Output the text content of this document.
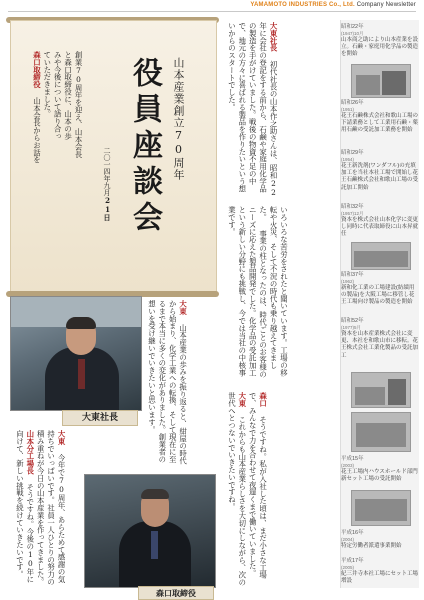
YAMAMOTO INDUSTRIES Co., Ltd. Company Newsletter
山本産業創立70周年
役員座談会
二〇一四年九月21日
創業70周年を迎え、山本会長
と森口取締役に、山本の歩
みや今後について語り合っ
ていただきました。
森口取締役 山本会長からお話を
大東 山本産業の歩みを振り返ると、紺屋の時代から始まり、化学工業への転換、そして現在に至るまで本当に多くの変化がありました。創業者の想いを受け継いでいきたいと思います。
大東社長
大東 今年で70周年、あらためて感謝の気持ちでいっぱいです。社員一人ひとりの努力の積み重ねが今日の山本産業を作ってきました。 山本分工場長 そうですね。今後の10年に向けて、新しい挑戦を続けていきたいです。
森口取締役
大東社長 初代社長の山本作之助さんは、昭和22年に会社の登記をする前から、石鹸や家庭用化学品の製造を手がけていました。戦後の物資不足の中で、地元の方々に喜ばれる製品を作りたいという想いからのスタートでした。
いろいろな苦労をされたと聞いています。工場の移転や火災、そして不況の時代も乗り越えてきました。 事業の柱となったのは、時代ごとのお客様のニーズに応えた製品開発でした。化学品の受託加工という新しい分野にも挑戦し、今では当社の中核事業です。
森口 そうですね。私が入社した頃は、まだ小さな工場で、みんなで力を合わせて夜遅くまで働いていました。 大東 これからも山本産業らしさを大切にしながら、次の世代へとつないでいきたいですね。
昭和22年
(1947)10月
山本商之助により山本産業を設立。石鹸・家庭用化学品の製造を開始
昭和26年
(1951)
花王石鹸株式会社和歌山工場の下請業務として工業用石鹸・薬用石鹸の受託加工業務を開始
昭和29年
(1954)
花王新洗剤(ワンダフル)の充填加工を当社本社工場で開始し花王石鹸株式会社和歌山工場の受託加工開始
昭和32年
(1957)12月
資本を株式会社山本化学に変更し同時に代表取締役に山本昇就任
昭和37年
(1962)
新和化工業の工場建設(紡績用の製品)を大阪工場に移管し花王工場向け製品の製造を開始
昭和52年
(1977)5月
資本を山本産業株式会社に変更、本社を和歌山市に移転。花王株式会社工業化製品の受託加工
平成15年
(2003)
花王工場内ハウスホールド部門新セット工場の受託開始
平成16年
(2004)
特定労働者派遣事業開始
平成17年
(2005)
紀三井寺本社工場にセット工場増設
